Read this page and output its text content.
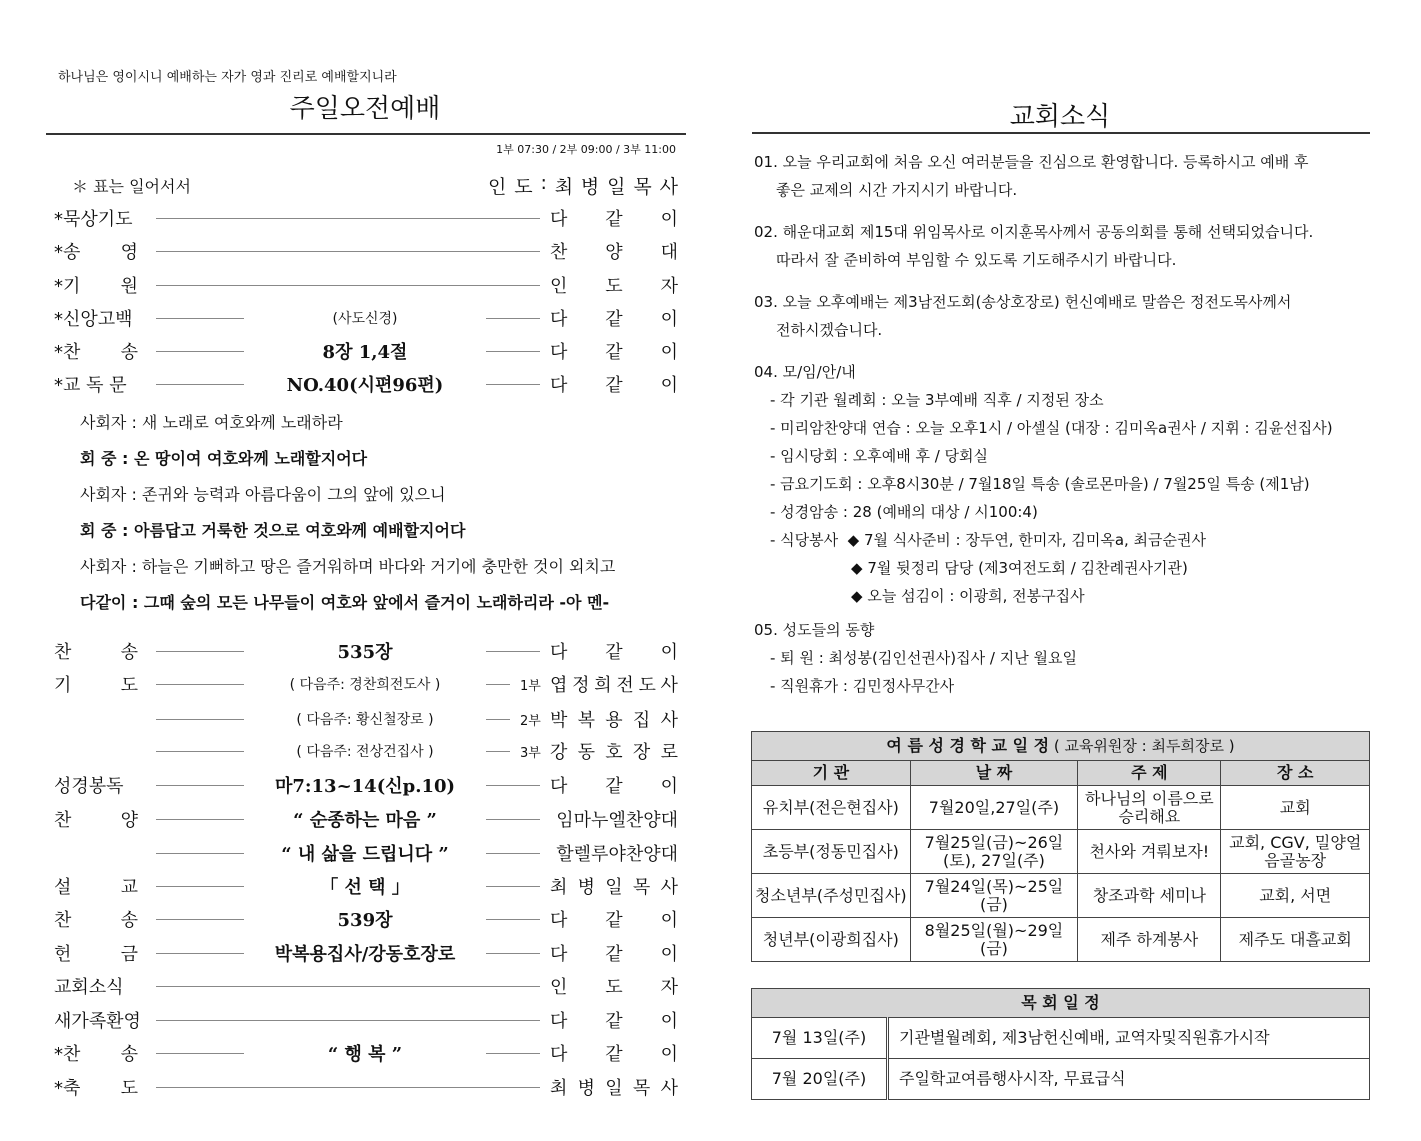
하나님은 영이시니 예배하는 자가 영과 진리로 예배할지니라
주일오전예배
1부 07:30 / 2부 09:00 / 3부 11:00
＊ 표는 일어서서	인 도 : 최 병 일 목 사
*묵상기도	다 같 이
*송 영	찬 양 대
*기 원	인 도 자
*신앙고백	(사도신경)	다 같 이
*찬 송	8장 1,4절	다 같 이
*교 독 문	NO.40(시편96편)	다 같 이
사회자 : 새 노래로 여호와께 노래하라
회 중 : 온 땅이여 여호와께 노래할지어다
사회자 : 존귀와 능력과 아름다움이 그의 앞에 있으니
회 중 : 아름답고 거룩한 것으로 여호와께 예배할지어다
사회자 : 하늘은 기뻐하고 땅은 즐거워하며 바다와 거기에 충만한 것이 외치고
다같이 : 그때 숲의 모든 나무들이 여호와 앞에서 즐거이 노래하리라 -아 멘-
찬	송	535장	다 같 이
기	도	( 다음주: 경찬희전도사 )	1부 엽 정 희 전 도 사
( 다음주: 황신철장로 )	2부 박 복 용 집 사
( 다음주: 전상건집사 )	3부 강 동 호 장 로
성경봉독	마7:13~14(신p.10)	다 같 이
찬	양	“ 순종하는 마음 ”	임마누엘찬양대
“ 내 삶을 드립니다 ”	할렐루야찬양대
설	교	「 선 택 」	최 병 일 목 사
찬	송	539장	다 같 이
헌	금	박복용집사/강동호장로	다 같 이
교회소식	인 도 자
새가족환영	다 같 이
*찬 송	“ 행 복 ”	다 같 이
*축 도	최 병 일 목 사
교회소식
01. 오늘 우리교회에 처음 오신 여러분들을 진심으로 환영합니다. 등록하시고 예배 후
좋은 교제의 시간 가지시기 바랍니다.
02. 해운대교회 제15대 위임목사로 이지훈목사께서 공동의회를 통해 선택되었습니다.
따라서 잘 준비하여 부임할 수 있도록 기도해주시기 바랍니다.
03. 오늘 오후예배는 제3남전도회(송상호장로) 헌신예배로 말씀은 정전도목사께서
전하시겠습니다.
04. 모/임/안/내
- 각 기관 월례회 : 오늘 3부예배 직후 / 지정된 장소
- 미리암찬양대 연습 : 오늘 오후1시 / 아셀실 (대장 : 김미옥a권사 / 지휘 : 김윤선집사)
- 임시당회 : 오후예배 후 / 당회실
- 금요기도회 : 오후8시30분 / 7월18일 특송 (솔로몬마을) / 7월25일 특송 (제1남)
- 성경암송 : 28 (예배의 대상 / 시100:4)
- 식당봉사  ◆ 7월 식사준비 : 장두연, 한미자, 김미옥a, 최금순권사
◆ 7월 뒷정리 담당 (제3여전도회 / 김찬례권사기관)
◆ 오늘 섬김이 : 이광희, 전봉구집사
05. 성도들의 동향
- 퇴 원 : 최성봉(김인선권사)집사 / 지난 월요일
- 직원휴가 : 김민정사무간사
여 름 성 경 학 교 일 정 ( 교육위원장 : 최두희장로 )			
기 관	날 짜	주 제	장 소
유치부(전은현집사)	7월20일,27일(주)	하나님의 이름으로 승리해요	교회
초등부(정동민집사)	7월25일(금)~26일(토), 27일(주)	천사와 겨뤄보자!	교회, CGV, 밀양얼음골농장
청소년부(주성민집사)	7월24일(목)~25일(금)	창조과학 세미나	교회, 서면
청년부(이광희집사)	8월25일(월)~29일(금)	제주 하계봉사	제주도 대흘교회
목 회 일 정	
7월 13일(주)	기관별월례회, 제3남헌신예배, 교역자및직원휴가시작
7월 20일(주)	주일학교여름행사시작, 무료급식
